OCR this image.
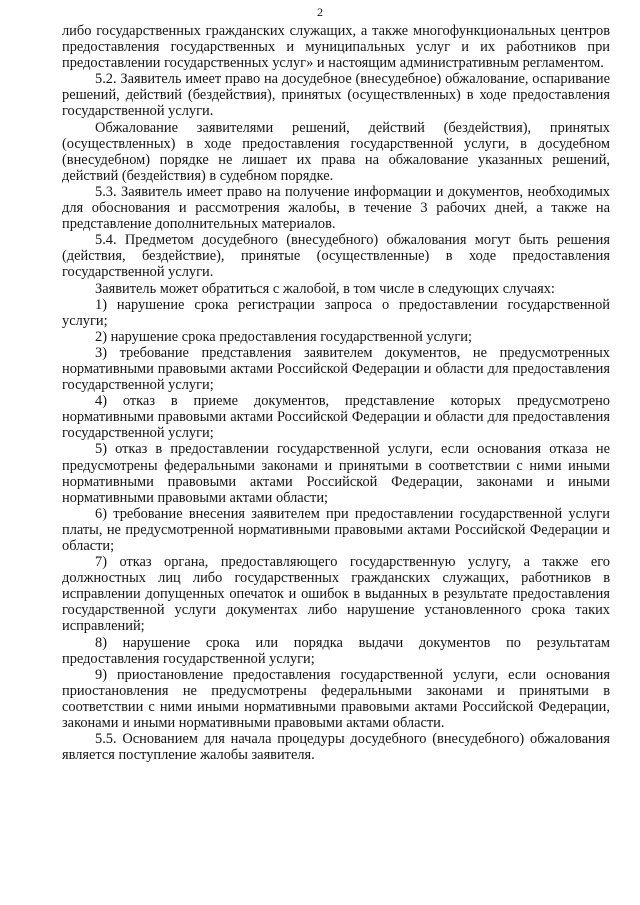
2

либо государственных гражданских служащих, а также многофункциональных центров предоставления государственных и муниципальных услуг и их работников при предоставлении государственных услуг» и настоящим административным регламентом.

5.2. Заявитель имеет право на досудебное (внесудебное) обжалование, оспаривание решений, действий (бездействия), принятых (осуществленных) в ходе предоставления государственной услуги.

Обжалование заявителями решений, действий (бездействия), принятых (осуществленных) в ходе предоставления государственной услуги, в досудебном (внесудебном) порядке не лишает их права на обжалование указанных решений, действий (бездействия) в судебном порядке.

5.3. Заявитель имеет право на получение информации и документов, необходимых для обоснования и рассмотрения жалобы, в течение 3 рабочих дней, а также на представление дополнительных материалов.

5.4. Предметом досудебного (внесудебного) обжалования могут быть решения (действия, бездействие), принятые (осуществленные) в ходе предоставления государственной услуги.

Заявитель может обратиться с жалобой, в том числе в следующих случаях:

1) нарушение срока регистрации запроса о предоставлении государственной услуги;

2) нарушение срока предоставления государственной услуги;

3) требование представления заявителем документов, не предусмотренных нормативными правовыми актами Российской Федерации и области для предоставления государственной услуги;

4) отказ в приеме документов, представление которых предусмотрено нормативными правовыми актами Российской Федерации и области для предоставления государственной услуги;

5) отказ в предоставлении государственной услуги, если основания отказа не предусмотрены федеральными законами и принятыми в соответствии с ними иными нормативными правовыми актами Российской Федерации, законами и иными нормативными правовыми актами области;

6) требование внесения заявителем при предоставлении государственной услуги платы, не предусмотренной нормативными правовыми актами Российской Федерации и области;

7) отказ органа, предоставляющего государственную услугу, а также его должностных лиц либо государственных гражданских служащих, работников в исправлении допущенных опечаток и ошибок в выданных в результате предоставления государственной услуги документах либо нарушение установленного срока таких исправлений;

8) нарушение срока или порядка выдачи документов по результатам предоставления государственной услуги;

9) приостановление предоставления государственной услуги, если основания приостановления не предусмотрены федеральными законами и принятыми в соответствии с ними иными нормативными правовыми актами Российской Федерации, законами и иными нормативными правовыми актами области.

5.5. Основанием для начала процедуры досудебного (внесудебного) обжалования является поступление жалобы заявителя.
